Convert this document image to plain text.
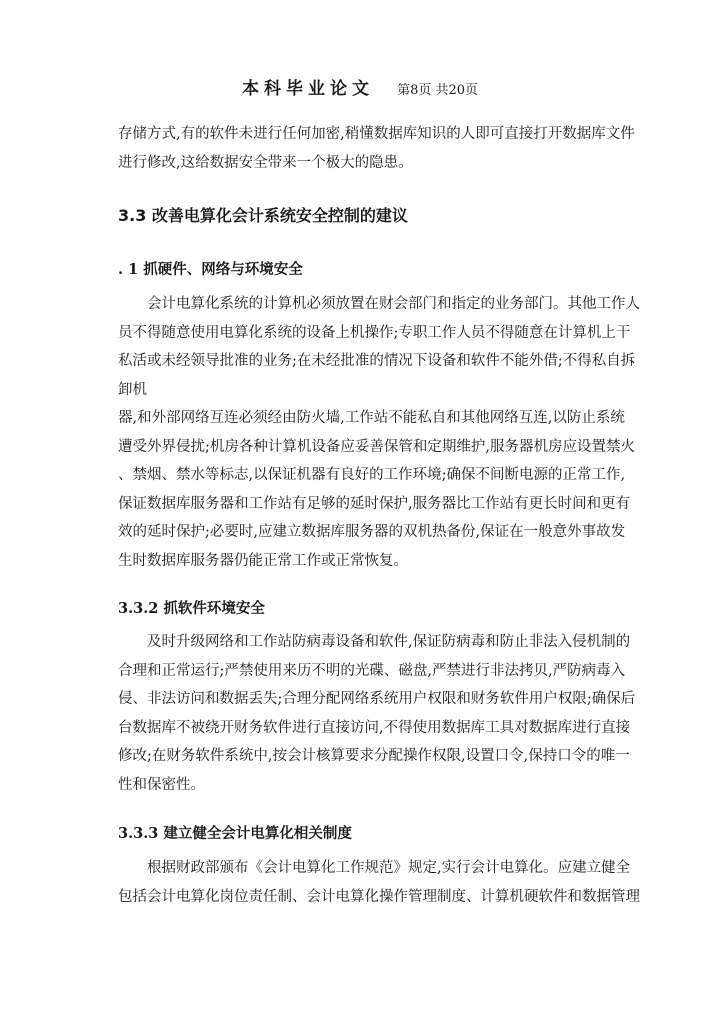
本科毕业论文 第8页 共20页
存储方式,有的软件未进行任何加密,稍懂数据库知识的人即可直接打开数据库文件
进行修改,这给数据安全带来一个极大的隐患。
3.3 改善电算化会计系统安全控制的建议
. 1 抓硬件、网络与环境安全
会计电算化系统的计算机必须放置在财会部门和指定的业务部门。其他工作人
员不得随意使用电算化系统的设备上机操作;专职工作人员不得随意在计算机上干
私活或未经领导批准的业务;在未经批准的情况下设备和软件不能外借;不得私自拆
卸机
器,和外部网络互连必须经由防火墙,工作站不能私自和其他网络互连,以防止系统
遭受外界侵扰;机房各种计算机设备应妥善保管和定期维护,服务器机房应设置禁火
、禁烟、禁水等标志,以保证机器有良好的工作环境;确保不间断电源的正常工作,
保证数据库服务器和工作站有足够的延时保护,服务器比工作站有更长时间和更有
效的延时保护;必要时,应建立数据库服务器的双机热备份,保证在一般意外事故发
生时数据库服务器仍能正常工作或正常恢复。
3.3.2 抓软件环境安全
及时升级网络和工作站防病毒设备和软件,保证防病毒和防止非法入侵机制的
合理和正常运行;严禁使用来历不明的光碟、磁盘,严禁进行非法拷贝,严防病毒入
侵、非法访问和数据丢失;合理分配网络系统用户权限和财务软件用户权限;确保后
台数据库不被绕开财务软件进行直接访问,不得使用数据库工具对数据库进行直接
修改;在财务软件系统中,按会计核算要求分配操作权限,设置口令,保持口令的唯一
性和保密性。
3.3.3 建立健全会计电算化相关制度
根据财政部颁布《会计电算化工作规范》规定,实行会计电算化。应建立健全
包括会计电算化岗位责任制、会计电算化操作管理制度、计算机硬软件和数据管理
